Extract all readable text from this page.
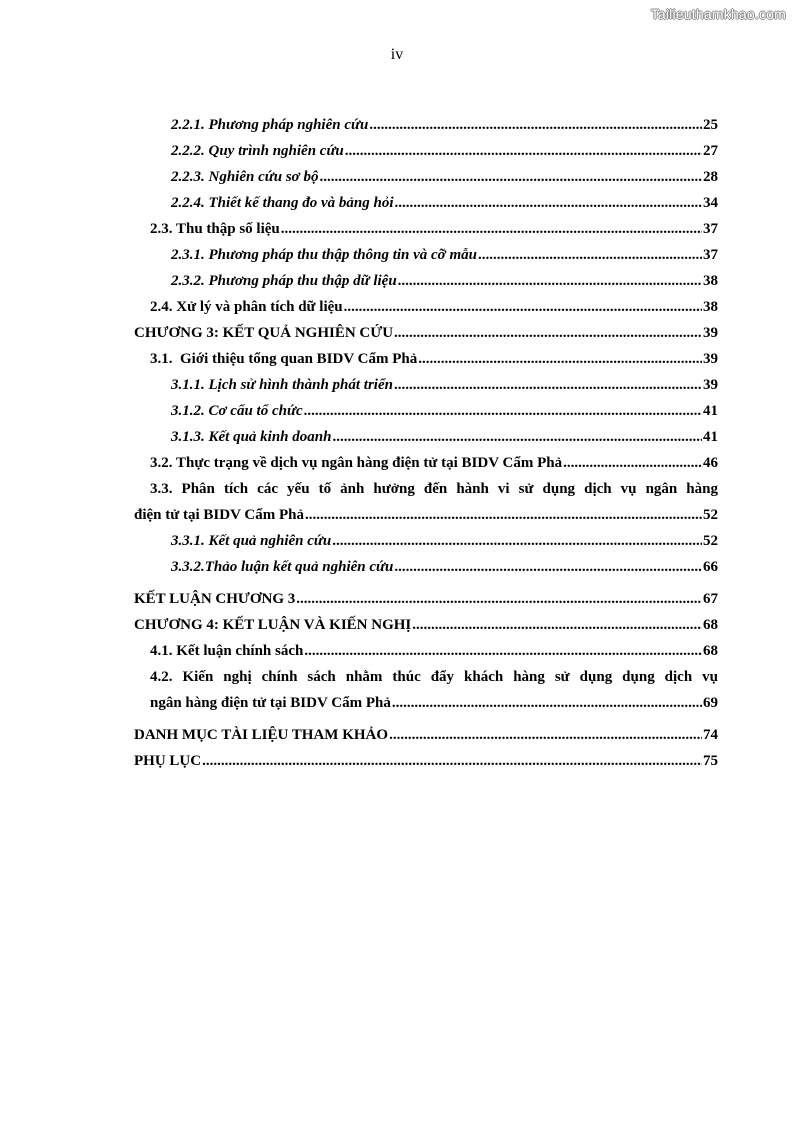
Tailieuthamkhao.com
iv
2.2.1. Phương pháp nghiên cứu .....	25
2.2.2. Quy trình nghiên cứu .....	27
2.2.3. Nghiên cứu sơ bộ .....	28
2.2.4. Thiết kế thang đo và bảng hỏi .....	34
2.3. Thu thập số liệu .....	37
2.3.1. Phương pháp thu thập thông tin và cỡ mẫu .....	37
2.3.2. Phương pháp thu thập dữ liệu .....	38
2.4. Xử lý và phân tích dữ liệu .....	38
CHƯƠNG 3: KẾT QUẢ NGHIÊN CỨU .....	39
3.1.  Giới thiệu tổng quan BIDV Cẩm Phả .....	39
3.1.1. Lịch sử hình thành phát triển .....	39
3.1.2. Cơ cấu tổ chức .....	41
3.1.3. Kết quả kinh doanh .....	41
3.2. Thực trạng về dịch vụ ngân hàng điện tử tại BIDV Cẩm Phả .....	46
3.3. Phân tích các yếu tố ảnh hưởng đến hành vi sử dụng dịch vụ ngân hàng
điện tử tại BIDV Cẩm Phả .....	52
3.3.1. Kết quả nghiên cứu .....	52
3.3.2.Thảo luận kết quả nghiên cứu .....	66
KẾT LUẬN CHƯƠNG 3 .....	67
CHƯƠNG 4: KẾT LUẬN VÀ KIẾN NGHỊ .....	68
4.1. Kết luận chính sách .....	68
4.2. Kiến nghị chính sách nhằm thúc đẩy khách hàng sử dụng dụng dịch vụ
ngân hàng điện tử tại BIDV Cẩm Phả .....	69
DANH MỤC TÀI LIỆU THAM KHẢO .....	74
PHỤ LỤC .....	75
